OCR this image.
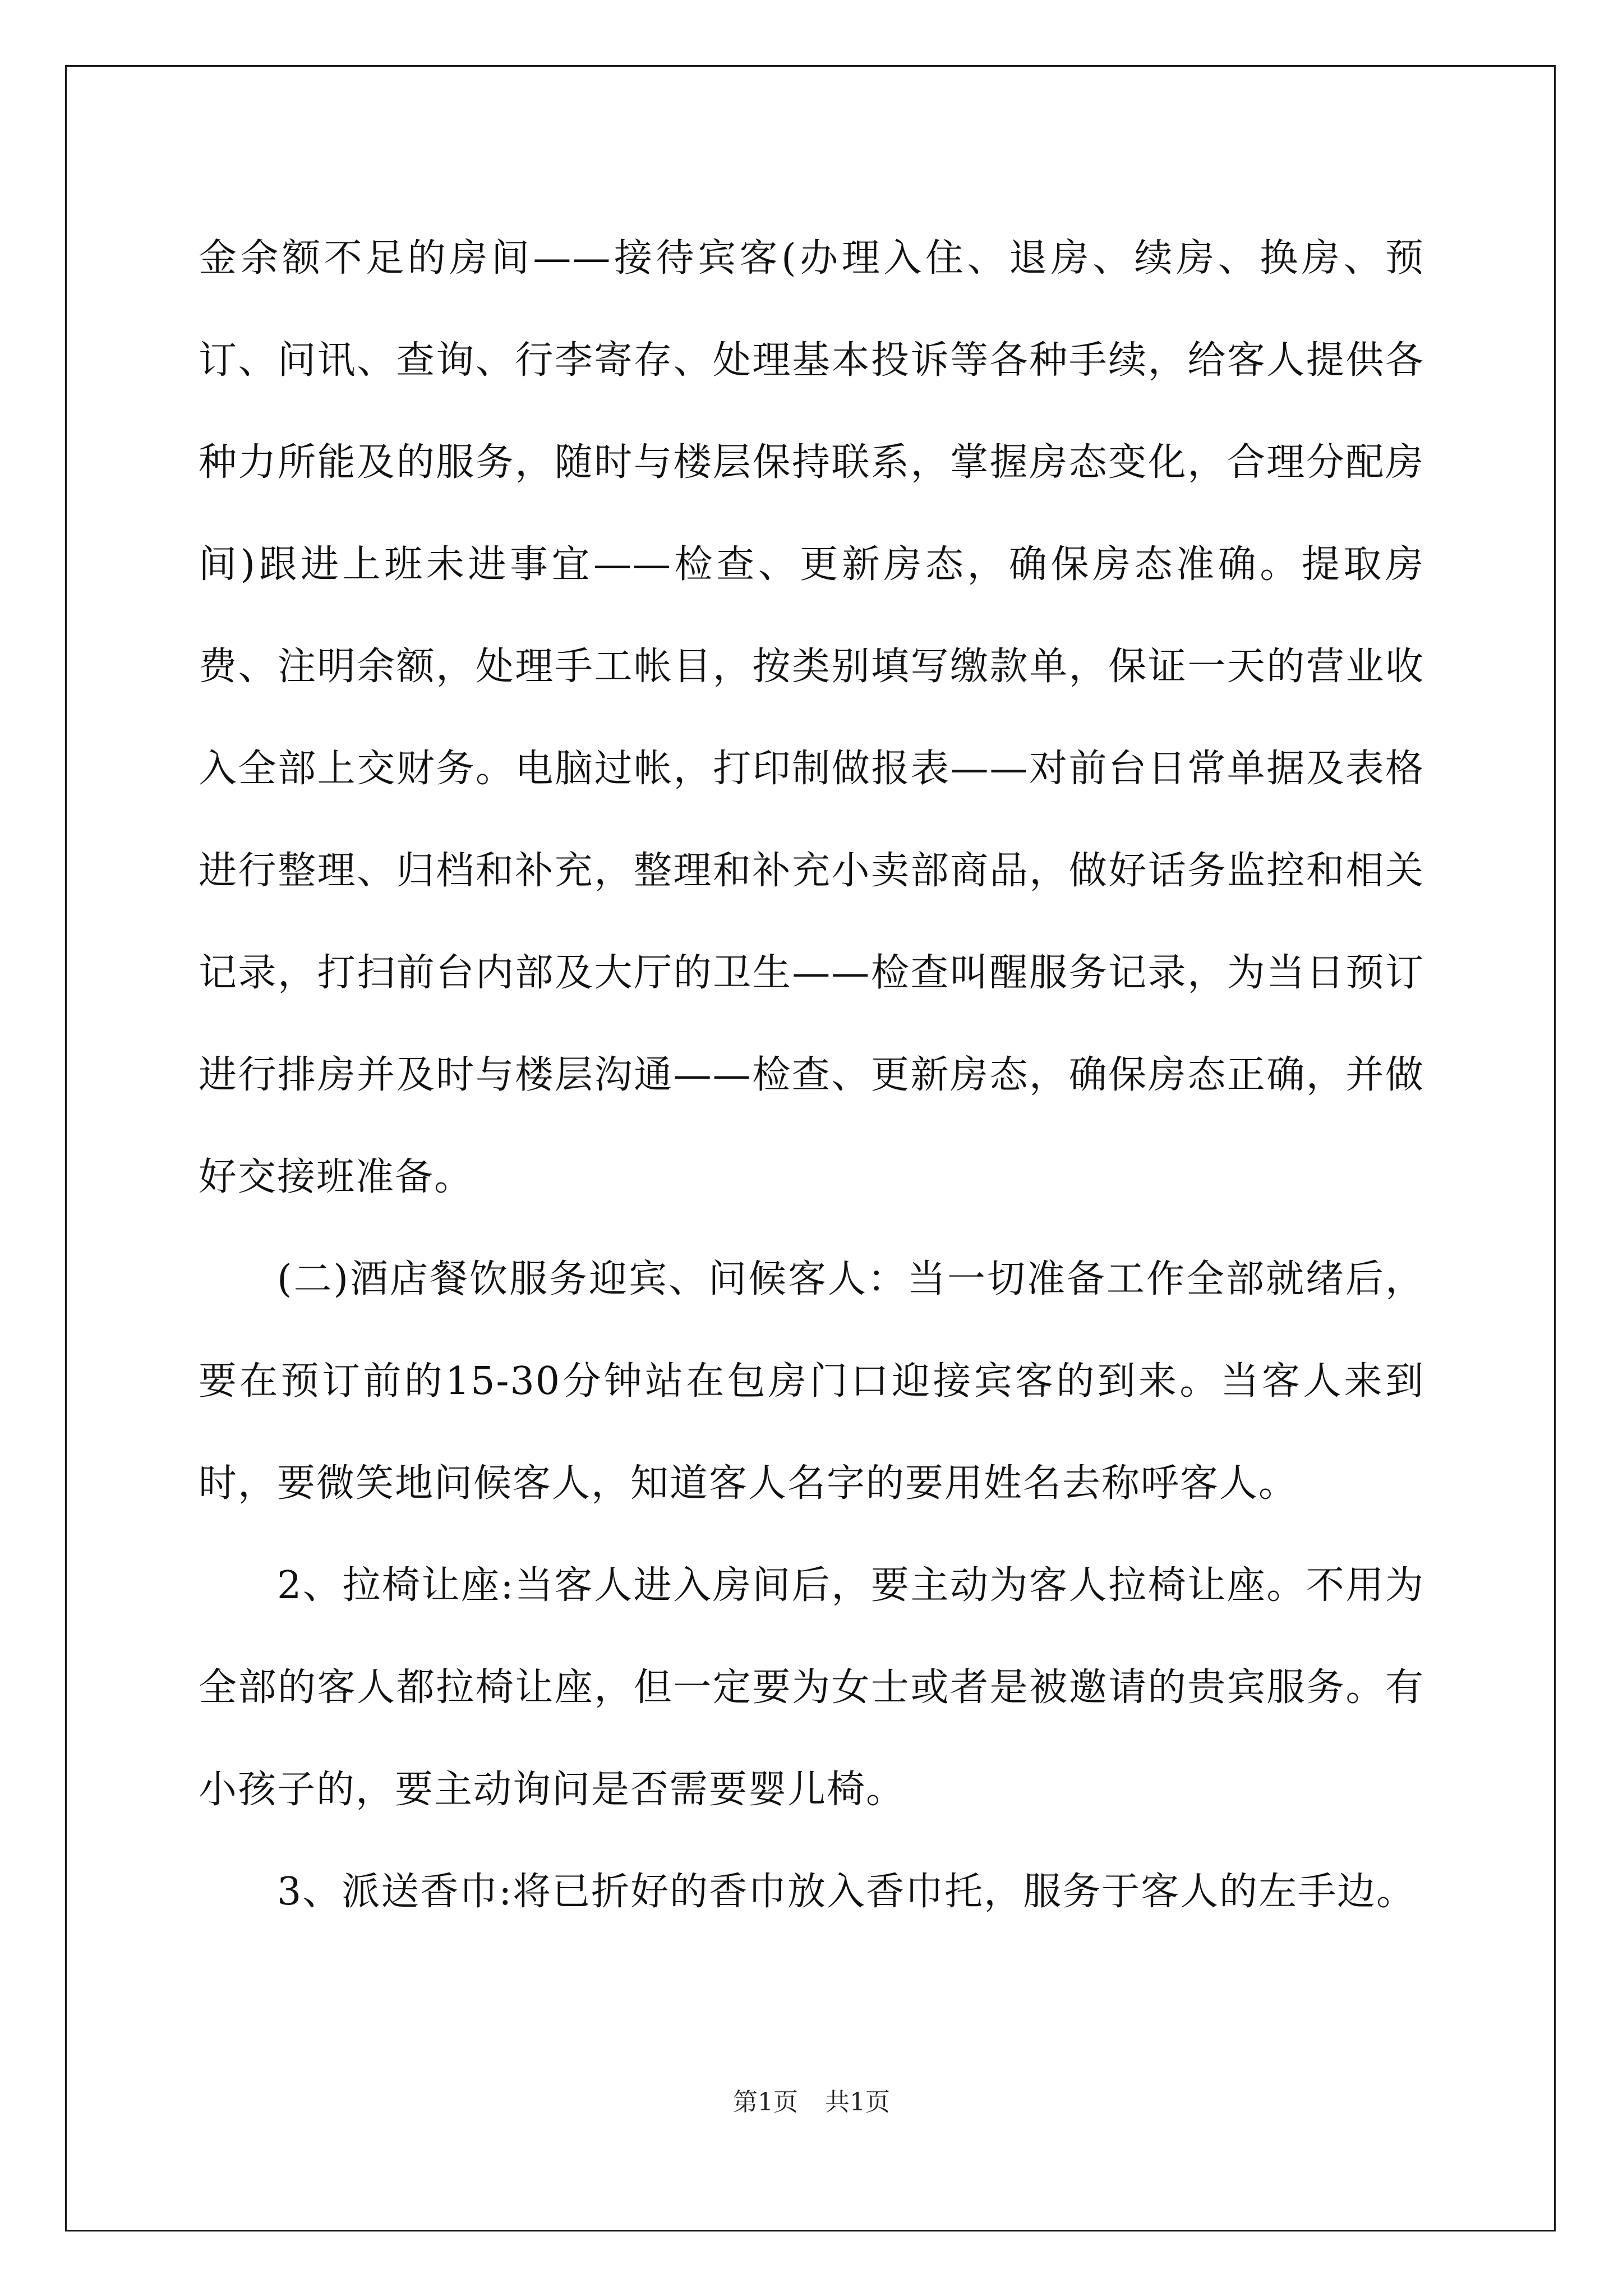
金余额不足的房间——接待宾客(办理入住、退房、续房、换房、预订、问讯、查询、行李寄存、处理基本投诉等各种手续，给客人提供各种力所能及的服务，随时与楼层保持联系，掌握房态变化，合理分配房间)跟进上班未进事宜——检查、更新房态，确保房态准确。提取房费、注明余额，处理手工帐目，按类别填写缴款单，保证一天的营业收入全部上交财务。电脑过帐，打印制做报表——对前台日常单据及表格进行整理、归档和补充，整理和补充小卖部商品，做好话务监控和相关记录，打扫前台内部及大厅的卫生——检查叫醒服务记录，为当日预订进行排房并及时与楼层沟通——检查、更新房态，确保房态正确，并做好交接班准备。

(二)酒店餐饮服务迎宾、问候客人：当一切准备工作全部就绪后，要在预订前的15-30分钟站在包房门口迎接宾客的到来。当客人来到时，要微笑地问候客人，知道客人名字的要用姓名去称呼客人。

2、拉椅让座:当客人进入房间后，要主动为客人拉椅让座。不用为全部的客人都拉椅让座，但一定要为女士或者是被邀请的贵宾服务。有小孩子的，要主动询问是否需要婴儿椅。

3、派送香巾:将已折好的香巾放入香巾托，服务于客人的左手边。

第1页 共1页
